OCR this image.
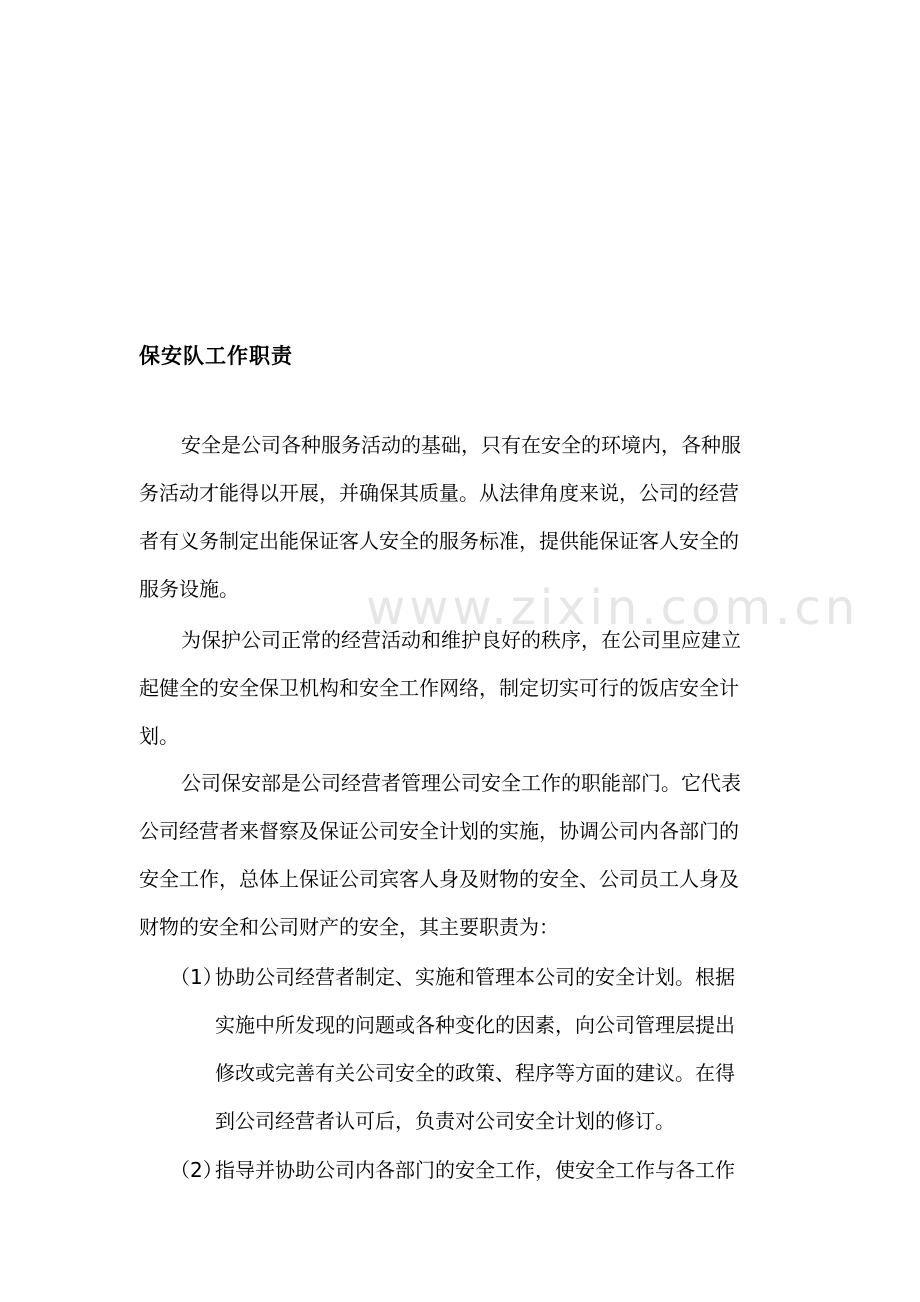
www.zixin.com.cn
保安队工作职责
安全是公司各种服务活动的基础，只有在安全的环境内，各种服
务活动才能得以开展，并确保其质量。从法律角度来说，公司的经营
者有义务制定出能保证客人安全的服务标准，提供能保证客人安全的
服务设施。
为保护公司正常的经营活动和维护良好的秩序，在公司里应建立
起健全的安全保卫机构和安全工作网络，制定切实可行的饭店安全计
划。
公司保安部是公司经营者管理公司安全工作的职能部门。它代表
公司经营者来督察及保证公司安全计划的实施，协调公司内各部门的
安全工作，总体上保证公司宾客人身及财物的安全、公司员工人身及
财物的安全和公司财产的安全，其主要职责为：
（1）协助公司经营者制定、实施和管理本公司的安全计划。根据
实施中所发现的问题或各种变化的因素，向公司管理层提出
修改或完善有关公司安全的政策、程序等方面的建议。在得
到公司经营者认可后，负责对公司安全计划的修订。
（2）指导并协助公司内各部门的安全工作，使安全工作与各工作
